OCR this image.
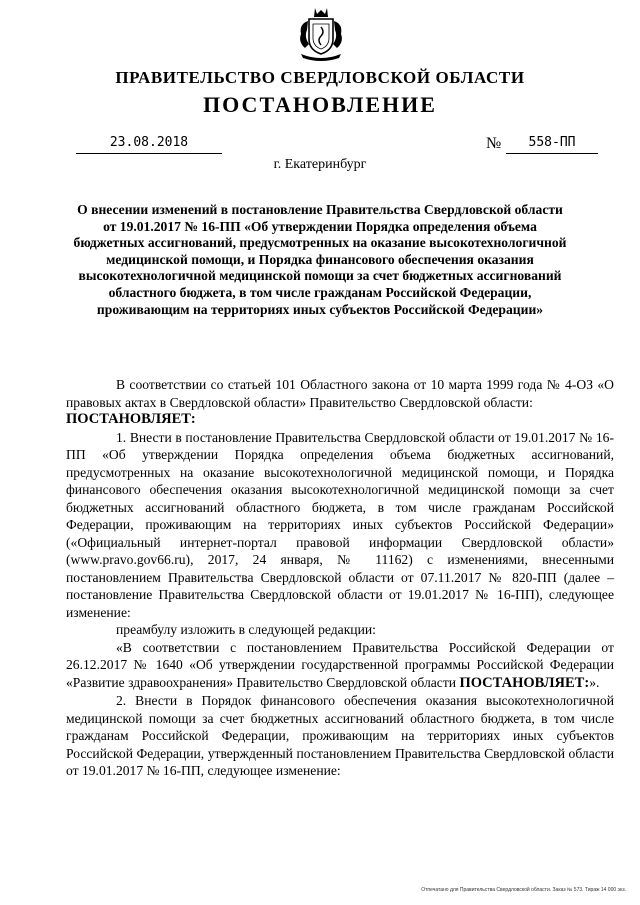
ПРАВИТЕЛЬСТВО СВЕРДЛОВСКОЙ ОБЛАСТИ
ПОСТАНОВЛЕНИЕ
23.08.2018	№	558-ПП
г. Екатеринбург
О внесении изменений в постановление Правительства Свердловской области от 19.01.2017 № 16-ПП «Об утверждении Порядка определения объема бюджетных ассигнований, предусмотренных на оказание высокотехнологичной медицинской помощи, и Порядка финансового обеспечения оказания высокотехнологичной медицинской помощи за счет бюджетных ассигнований областного бюджета, в том числе гражданам Российской Федерации, проживающим на территориях иных субъектов Российской Федерации»

В соответствии со статьей 101 Областного закона от 10 марта 1999 года № 4-ОЗ «О правовых актах в Свердловской области» Правительство Свердловской области:

ПОСТАНОВЛЯЕТ:

1. Внести в постановление Правительства Свердловской области от 19.01.2017 № 16-ПП «Об утверждении Порядка определения объема бюджетных ассигнований, предусмотренных на оказание высокотехнологичной медицинской помощи, и Порядка финансового обеспечения оказания высокотехнологичной медицинской помощи за счет бюджетных ассигнований областного бюджета, в том числе гражданам Российской Федерации, проживающим на территориях иных субъектов Российской Федерации» («Официальный интернет-портал правовой информации Свердловской области» (www.pravo.gov66.ru), 2017, 24 января, № 11162) с изменениями, внесенными постановлением Правительства Свердловской области от 07.11.2017 № 820-ПП (далее – постановление Правительства Свердловской области от 19.01.2017 № 16-ПП), следующее изменение:

преамбулу изложить в следующей редакции:

«В соответствии с постановлением Правительства Российской Федерации от 26.12.2017 № 1640 «Об утверждении государственной программы Российской Федерации «Развитие здравоохранения» Правительство Свердловской области ПОСТАНОВЛЯЕТ:».

2. Внести в Порядок финансового обеспечения оказания высокотехнологичной медицинской помощи за счет бюджетных ассигнований областного бюджета, в том числе гражданам Российской Федерации, проживающим на территориях иных субъектов Российской Федерации, утвержденный постановлением Правительства Свердловской области от 19.01.2017 № 16-ПП, следующее изменение:

Отпечатано для Правительства Свердловской области. Заказ № 573. Тираж 14 000 экз.
